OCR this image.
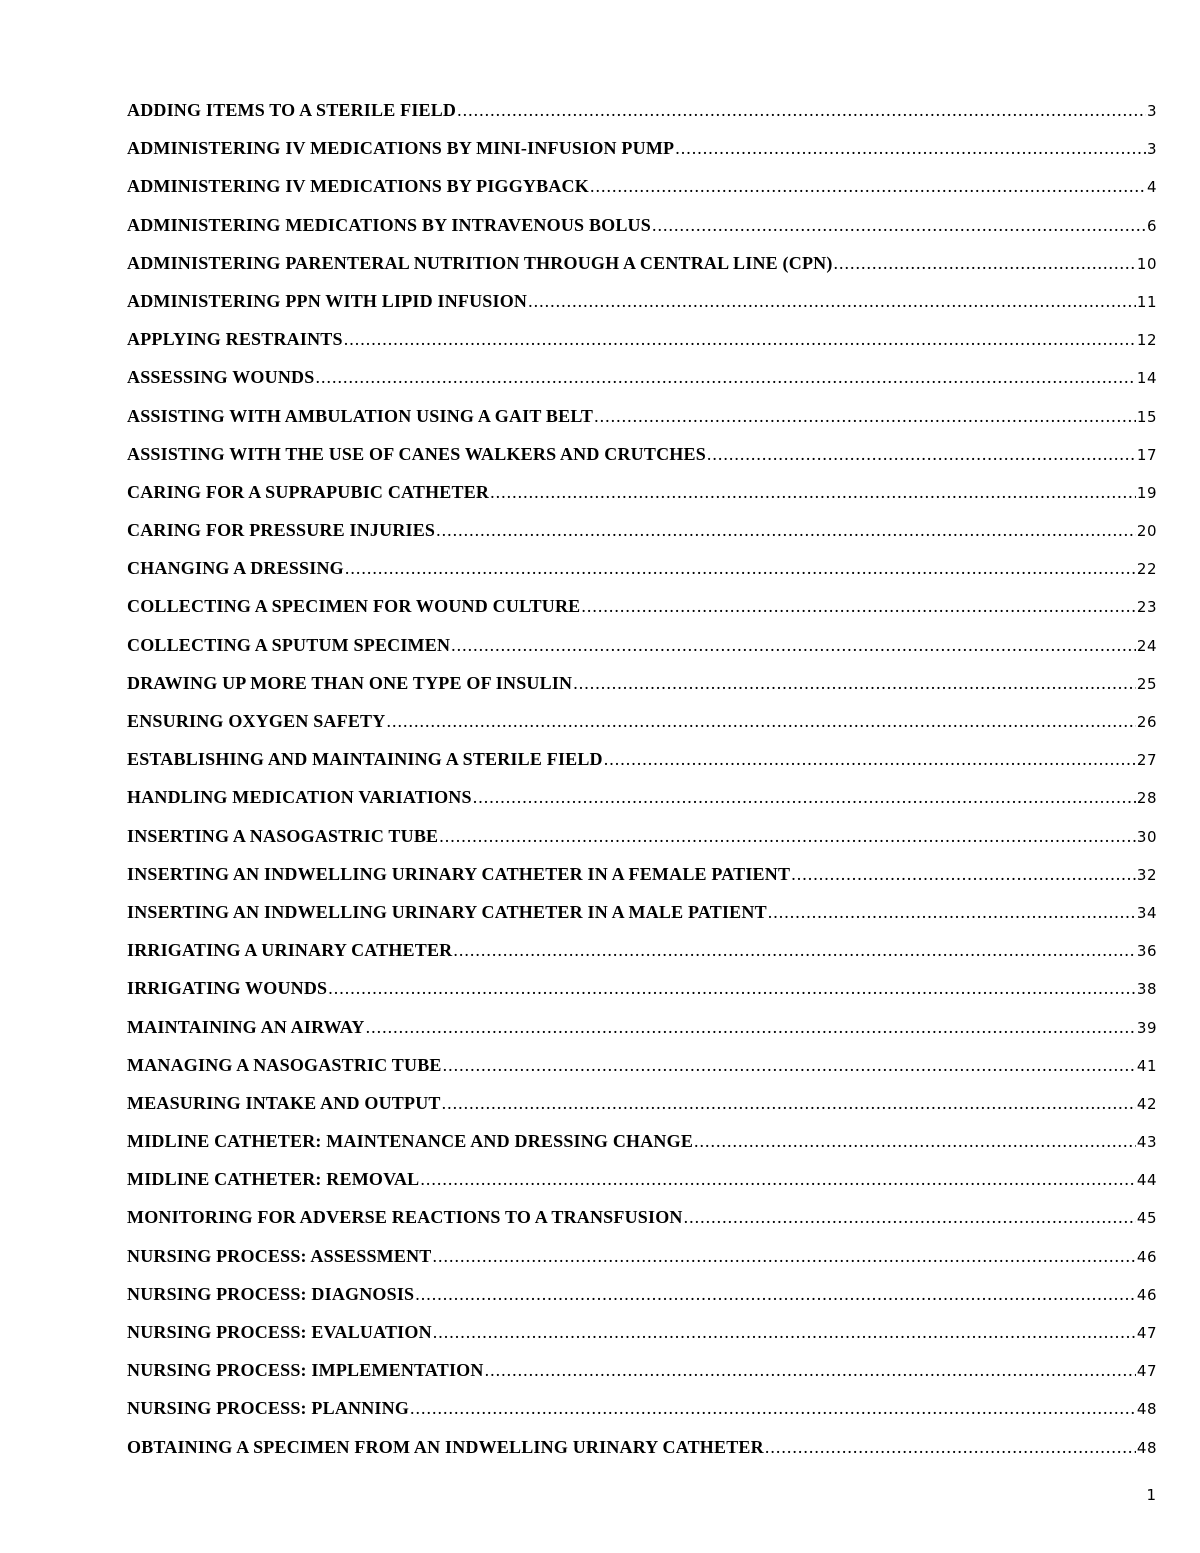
ADDING ITEMS TO A STERILE FIELD .....	3
ADMINISTERING IV MEDICATIONS BY MINI-INFUSION PUMP .....	3
ADMINISTERING IV MEDICATIONS BY PIGGYBACK .....	4
ADMINISTERING MEDICATIONS BY INTRAVENOUS BOLUS .....	6
ADMINISTERING PARENTERAL NUTRITION THROUGH A CENTRAL LINE (CPN) .....	10
ADMINISTERING PPN WITH LIPID INFUSION .....	11
APPLYING RESTRAINTS .....	12
ASSESSING WOUNDS .....	14
ASSISTING WITH AMBULATION USING A GAIT BELT .....	15
ASSISTING WITH THE USE OF CANES WALKERS AND CRUTCHES .....	17
CARING FOR A SUPRAPUBIC CATHETER .....	19
CARING FOR PRESSURE INJURIES .....	20
CHANGING A DRESSING .....	22
COLLECTING A SPECIMEN FOR WOUND CULTURE .....	23
COLLECTING A SPUTUM SPECIMEN .....	24
DRAWING UP MORE THAN ONE TYPE OF INSULIN .....	25
ENSURING OXYGEN SAFETY .....	26
ESTABLISHING AND MAINTAINING A STERILE FIELD .....	27
HANDLING MEDICATION VARIATIONS .....	28
INSERTING A NASOGASTRIC TUBE .....	30
INSERTING AN INDWELLING URINARY CATHETER IN A FEMALE PATIENT .....	32
INSERTING AN INDWELLING URINARY CATHETER IN A MALE PATIENT .....	34
IRRIGATING A URINARY CATHETER .....	36
IRRIGATING WOUNDS .....	38
MAINTAINING AN AIRWAY .....	39
MANAGING A NASOGASTRIC TUBE .....	41
MEASURING INTAKE AND OUTPUT .....	42
MIDLINE CATHETER: MAINTENANCE AND DRESSING CHANGE .....	43
MIDLINE CATHETER: REMOVAL .....	44
MONITORING FOR ADVERSE REACTIONS TO A TRANSFUSION .....	45
NURSING PROCESS: ASSESSMENT .....	46
NURSING PROCESS: DIAGNOSIS .....	46
NURSING PROCESS: EVALUATION .....	47
NURSING PROCESS: IMPLEMENTATION .....	47
NURSING PROCESS: PLANNING .....	48
OBTAINING A SPECIMEN FROM AN INDWELLING URINARY CATHETER .....	48
1
